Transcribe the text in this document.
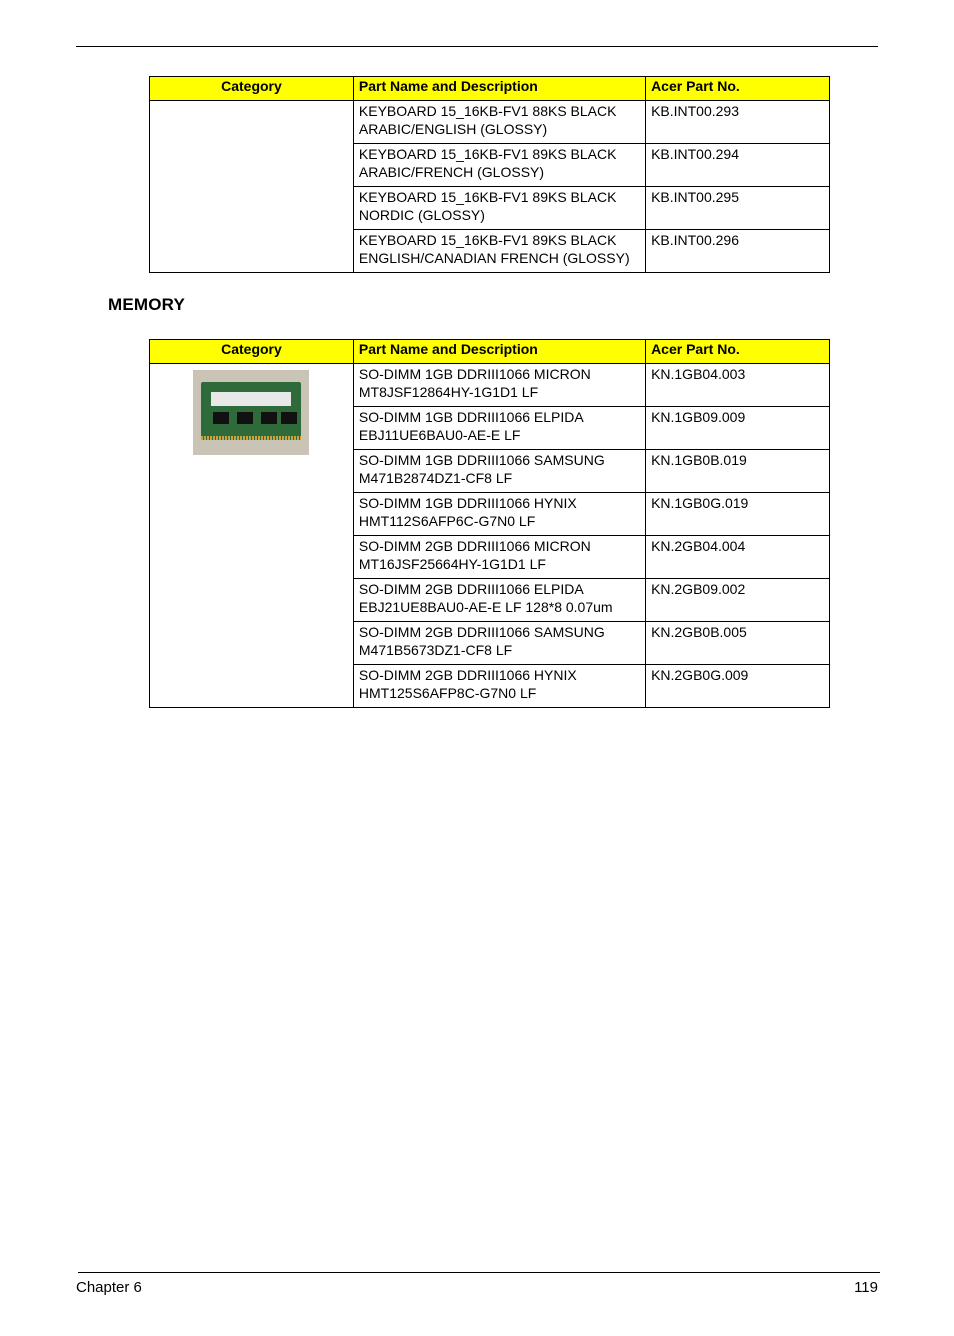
Category	Part Name and Description	Acer Part No.
	KEYBOARD 15_16KB-FV1 88KS BLACK
ARABIC/ENGLISH (GLOSSY)	KB.INT00.293
	KEYBOARD 15_16KB-FV1 89KS BLACK
ARABIC/FRENCH (GLOSSY)	KB.INT00.294
	KEYBOARD 15_16KB-FV1 89KS BLACK
NORDIC (GLOSSY)	KB.INT00.295
	KEYBOARD 15_16KB-FV1 89KS BLACK
ENGLISH/CANADIAN FRENCH (GLOSSY)	KB.INT00.296
MEMORY
Category	Part Name and Description	Acer Part No.

	SO-DIMM 1GB DDRIII1066 MICRON
MT8JSF12864HY-1G1D1 LF	KN.1GB04.003
	SO-DIMM 1GB DDRIII1066 ELPIDA
EBJ11UE6BAU0-AE-E LF	KN.1GB09.009
	SO-DIMM 1GB DDRIII1066 SAMSUNG
M471B2874DZ1-CF8 LF	KN.1GB0B.019
	SO-DIMM 1GB DDRIII1066 HYNIX
HMT112S6AFP6C-G7N0 LF	KN.1GB0G.019
	SO-DIMM 2GB DDRIII1066 MICRON
MT16JSF25664HY-1G1D1 LF	KN.2GB04.004
	SO-DIMM 2GB DDRIII1066 ELPIDA
EBJ21UE8BAU0-AE-E LF 128*8 0.07um	KN.2GB09.002
	SO-DIMM 2GB DDRIII1066 SAMSUNG
M471B5673DZ1-CF8 LF	KN.2GB0B.005
	SO-DIMM 2GB DDRIII1066 HYNIX
HMT125S6AFP8C-G7N0 LF	KN.2GB0G.009
Chapter 6	119
